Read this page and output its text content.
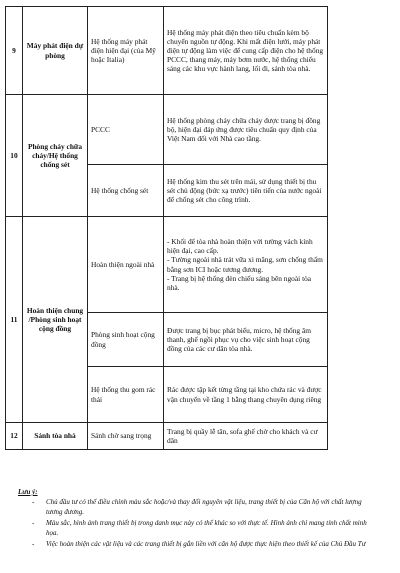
9	Máy phát điện dự phòng	Hệ thống máy phát điện hiện đại (của Mỹ hoặc Italia)	Hệ thống máy phát điện theo tiêu chuẩn kèm bộ chuyển nguồn tự động. Khi mất điện lưới, máy phát điện tự động làm việc để cung cấp điện cho hệ thống PCCC, thang máy, máy bơm nước, hệ thống chiếu sáng các khu vực hành lang, lối đi, sảnh tòa nhà.
10	Phòng cháy chữa cháy/Hệ thống chống sét	PCCC	Hệ thống phòng cháy chữa cháy được trang bị đồng bộ, hiện đại đáp ứng được tiêu chuẩn quy định của Việt Nam đối với Nhà cao tầng.
		Hệ thống chống sét	Hệ thống kim thu sét trên mái, sử dụng thiết bị thu sét chủ động (bức xạ trước) tiên tiến của nước ngoài để chống sét cho công trình.
11	Hoàn thiện chung /Phòng sinh hoạt cộng đồng	Hoàn thiện ngoài nhà	- Khối đế tòa nhà hoàn thiện với tường vách kính hiện đại, cao cấp.
- Tường ngoài nhà trát vữa xi măng, sơn chống thấm bằng sơn ICI hoặc tương đương.
- Trang bị hệ thống đèn chiếu sáng bên ngoài tòa nhà.

		Phòng sinh hoạt cộng đồng	Được trang bị bục phát biểu, micro, hệ thống âm thanh, ghế ngồi phục vụ cho việc sinh hoạt cộng đồng của các cư dân tòa nhà.
		Hệ thống thu gom rác thải	Rác được tập kết từng tầng tại kho chứa rác và được vận chuyển về tầng 1 bằng thang chuyên dụng riêng
12	Sảnh tòa nhà	Sảnh chờ sang trọng	Trang bị quầy lễ tân, sofa ghế chờ cho khách và cư dân
Lưu ý:
- Chủ đầu tư có thể điều chỉnh màu sắc hoặc/và thay đổi nguyên vật liệu, trang thiết bị của Căn hộ với chất lượng tương đương.
- Màu sắc, hình ảnh trang thiết bị trong danh mục này có thể khác so với thực tế. Hình ảnh chỉ mang tính chất minh họa.
- Việc hoàn thiện các vật liệu và các trang thiết bị gắn liền với căn hộ được thực hiện theo thiết kế của Chủ Đầu Tư
